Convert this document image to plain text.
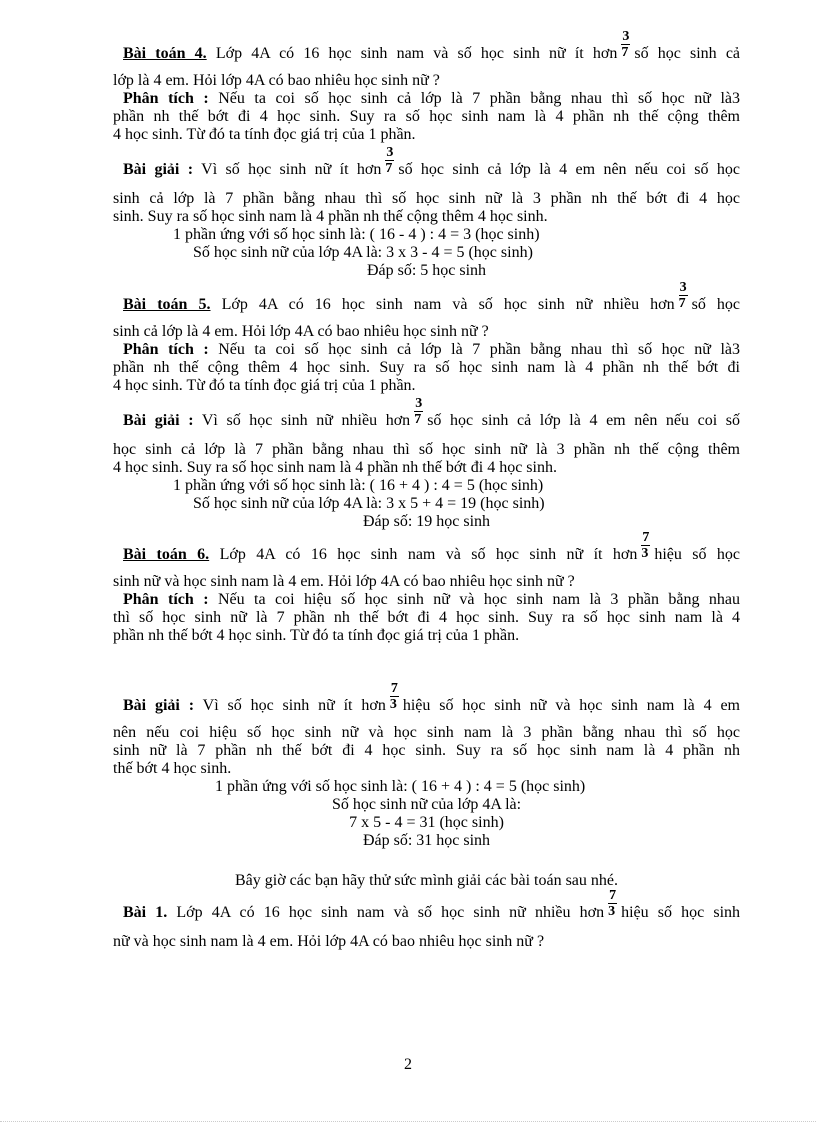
Bài toán 4. Lớp 4A có 16 học sinh nam và số học sinh nữ ít hơn $\frac{3}{7}$ số học sinh cả
lớp là 4 em. Hỏi lớp 4A có bao nhiêu học sinh nữ ?
Phân tích : Nếu ta coi số học sinh cả lớp là 7 phần bằng nhau thì số học nữ là3
phần nh thế bớt đi 4 học sinh. Suy ra số học sinh nam là 4 phần nh thế cộng thêm
4 học sinh. Từ đó ta tính đọc giá trị của 1 phần.
Bài giải : Vì số học sinh nữ ít hơn $\frac{3}{7}$ số học sinh cả lớp là 4 em nên nếu coi số học
sinh cả lớp là 7 phần bằng nhau thì số học sinh nữ là 3 phần nh thế bớt đi 4 học
sinh. Suy ra số học sinh nam là 4 phần nh thế cộng thêm 4 học sinh.
1 phần ứng với số học sinh là: ( 16 - 4 ) : 4 = 3 (học sinh)
Số học sinh nữ của lớp 4A là: 3 x 3 - 4 = 5 (học sinh)
Đáp số: 5 học sinh
Bài toán 5. Lớp 4A có 16 học sinh nam và số học sinh nữ nhiều hơn $\frac{3}{7}$ số học
sinh cả lớp là 4 em. Hỏi lớp 4A có bao nhiêu học sinh nữ ?
Phân tích : Nếu ta coi số học sinh cả lớp là 7 phần bằng nhau thì số học nữ là3
phần nh thế cộng thêm 4 học sinh. Suy ra số học sinh nam là 4 phần nh thế bớt đi
4 học sinh. Từ đó ta tính đọc giá trị của 1 phần.
Bài giải : Vì số học sinh nữ nhiều hơn $\frac{3}{7}$ số học sinh cả lớp là 4 em nên nếu coi số
học sinh cả lớp là 7 phần bằng nhau thì số học sinh nữ là 3 phần nh thế cộng thêm
4 học sinh. Suy ra số học sinh nam là 4 phần nh thế bớt đi 4 học sinh.
1 phần ứng với số học sinh là: ( 16 + 4 ) : 4 = 5 (học sinh)
Số học sinh nữ của lớp 4A là: 3 x 5 + 4 = 19 (học sinh)
Đáp số: 19 học sinh
Bài toán 6. Lớp 4A có 16 học sinh nam và số học sinh nữ ít hơn $\frac{7}{3}$ hiệu số học
sinh nữ và học sinh nam là 4 em. Hỏi lớp 4A có bao nhiêu học sinh nữ ?
Phân tích : Nếu ta coi hiệu số học sinh nữ và học sinh nam là 3 phần bằng nhau
thì số học sinh nữ là 7 phần nh thế bớt đi 4 học sinh. Suy ra số học sinh nam là 4
phần nh thế bớt 4 học sinh. Từ đó ta tính đọc giá trị của 1 phần.
Bài giải : Vì số học sinh nữ ít hơn $\frac{7}{3}$ hiệu số học sinh nữ và học sinh nam là 4 em
nên nếu coi hiệu số học sinh nữ và học sinh nam là 3 phần bằng nhau thì số học
sinh nữ là 7 phần nh thế bớt đi 4 học sinh. Suy ra số học sinh nam là 4 phần nh
thế bớt 4 học sinh.
1 phần ứng với số học sinh là: ( 16 + 4 ) : 4 = 5 (học sinh)
Số học sinh nữ của lớp 4A là:
7 x 5 - 4 = 31 (học sinh)
Đáp số: 31 học sinh
Bây giờ các bạn hãy thử sức mình giải các bài toán sau nhé.
Bài 1. Lớp 4A có 16 học sinh nam và số học sinh nữ nhiều hơn $\frac{7}{3}$ hiệu số học sinh
nữ và học sinh nam là 4 em. Hỏi lớp 4A có bao nhiêu học sinh nữ ?
2
